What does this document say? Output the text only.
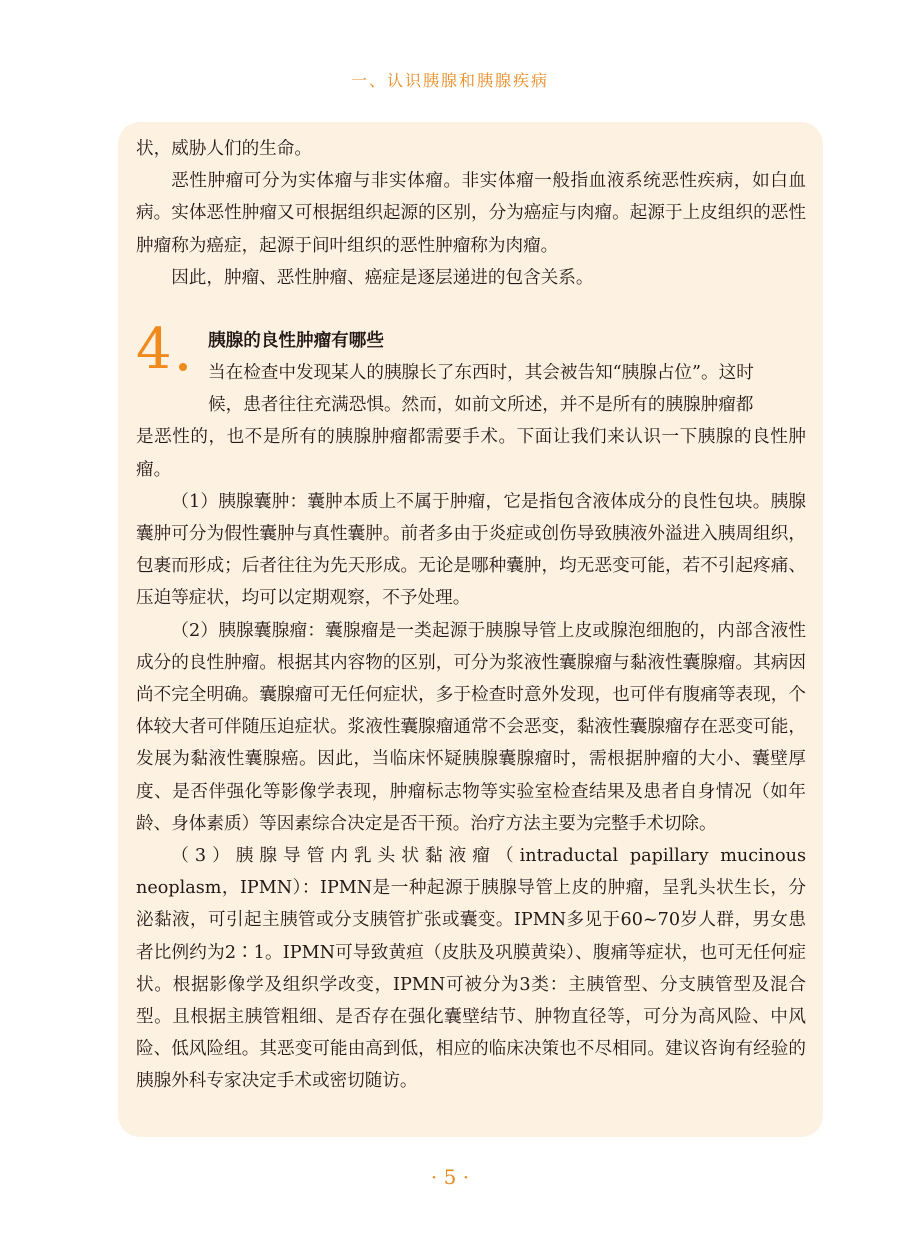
一、认识胰腺和胰腺疾病

状，威胁人们的生命。

恶性肿瘤可分为实体瘤与非实体瘤。非实体瘤一般指血液系统恶性疾病，如白血病。实体恶性肿瘤又可根据组织起源的区别，分为癌症与肉瘤。起源于上皮组织的恶性肿瘤称为癌症，起源于间叶组织的恶性肿瘤称为肉瘤。

因此，肿瘤、恶性肿瘤、癌症是逐层递进的包含关系。

4 胰腺的良性肿瘤有哪些

当在检查中发现某人的胰腺长了东西时，其会被告知“胰腺占位”。这时

候，患者往往充满恐惧。然而，如前文所述，并不是所有的胰腺肿瘤都

是恶性的，也不是所有的胰腺肿瘤都需要手术。下面让我们来认识一下胰腺的良性肿瘤。

（1）胰腺囊肿：囊肿本质上不属于肿瘤，它是指包含液体成分的良性包块。胰腺囊肿可分为假性囊肿与真性囊肿。前者多由于炎症或创伤导致胰液外溢进入胰周组织，包裹而形成；后者往往为先天形成。无论是哪种囊肿，均无恶变可能，若不引起疼痛、压迫等症状，均可以定期观察，不予处理。

（2）胰腺囊腺瘤：囊腺瘤是一类起源于胰腺导管上皮或腺泡细胞的，内部含液性成分的良性肿瘤。根据其内容物的区别，可分为浆液性囊腺瘤与黏液性囊腺瘤。其病因尚不完全明确。囊腺瘤可无任何症状，多于检查时意外发现，也可伴有腹痛等表现，个体较大者可伴随压迫症状。浆液性囊腺瘤通常不会恶变，黏液性囊腺瘤存在恶变可能，发展为黏液性囊腺癌。因此，当临床怀疑胰腺囊腺瘤时，需根据肿瘤的大小、囊壁厚度、是否伴强化等影像学表现，肿瘤标志物等实验室检查结果及患者自身情况（如年龄、身体素质）等因素综合决定是否干预。治疗方法主要为完整手术切除。

（3）胰腺导管内乳头状黏液瘤（intraductal papillary mucinous neoplasm，IPMN）：IPMN是一种起源于胰腺导管上皮的肿瘤，呈乳头状生长，分泌黏液，可引起主胰管或分支胰管扩张或囊变。IPMN多见于60~70岁人群，男女患者比例约为2∶1。IPMN可导致黄疸（皮肤及巩膜黄染）、腹痛等症状，也可无任何症状。根据影像学及组织学改变，IPMN可被分为3类：主胰管型、分支胰管型及混合型。且根据主胰管粗细、是否存在强化囊壁结节、肿物直径等，可分为高风险、中风险、低风险组。其恶变可能由高到低，相应的临床决策也不尽相同。建议咨询有经验的胰腺外科专家决定手术或密切随访。

· 5 ·
